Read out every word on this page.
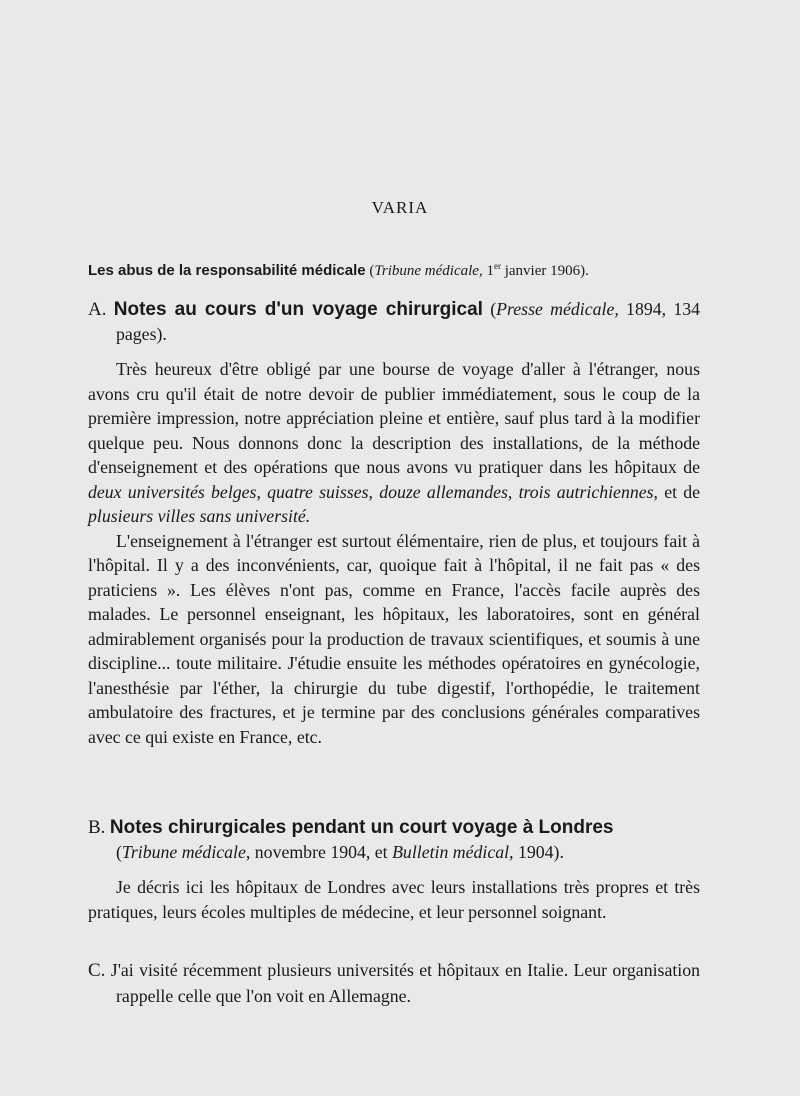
VARIA
Les abus de la responsabilité médicale (Tribune médicale, 1er janvier 1906).

A. Notes au cours d'un voyage chirurgical (Presse médicale, 1894, 134 pages).

Très heureux d'être obligé par une bourse de voyage d'aller à l'étranger, nous avons cru qu'il était de notre devoir de publier immédiatement, sous le coup de la première impression, notre appréciation pleine et entière, sauf plus tard à la modifier quelque peu. Nous donnons donc la description des installations, de la méthode d'enseignement et des opérations que nous avons vu pratiquer dans les hôpitaux de deux universités belges, quatre suisses, douze allemandes, trois autrichiennes, et de plusieurs villes sans université.

L'enseignement à l'étranger est surtout élémentaire, rien de plus, et toujours fait à l'hôpital. Il y a des inconvénients, car, quoique fait à l'hôpital, il ne fait pas « des praticiens ». Les élèves n'ont pas, comme en France, l'accès facile auprès des malades. Le personnel enseignant, les hôpitaux, les laboratoires, sont en général admirablement organisés pour la production de travaux scientifiques, et soumis à une discipline... toute militaire. J'étudie ensuite les méthodes opératoires en gynécologie, l'anesthésie par l'éther, la chirurgie du tube digestif, l'orthopédie, le traitement ambulatoire des fractures, et je termine par des conclusions générales comparatives avec ce qui existe en France, etc.

B. Notes chirurgicales pendant un court voyage à Londres
(Tribune médicale, novembre 1904, et Bulletin médical, 1904).

Je décris ici les hôpitaux de Londres avec leurs installations très propres et très pratiques, leurs écoles multiples de médecine, et leur personnel soignant.

C. J'ai visité récemment plusieurs universités et hôpitaux en Italie. Leur organisation rappelle celle que l'on voit en Allemagne.
